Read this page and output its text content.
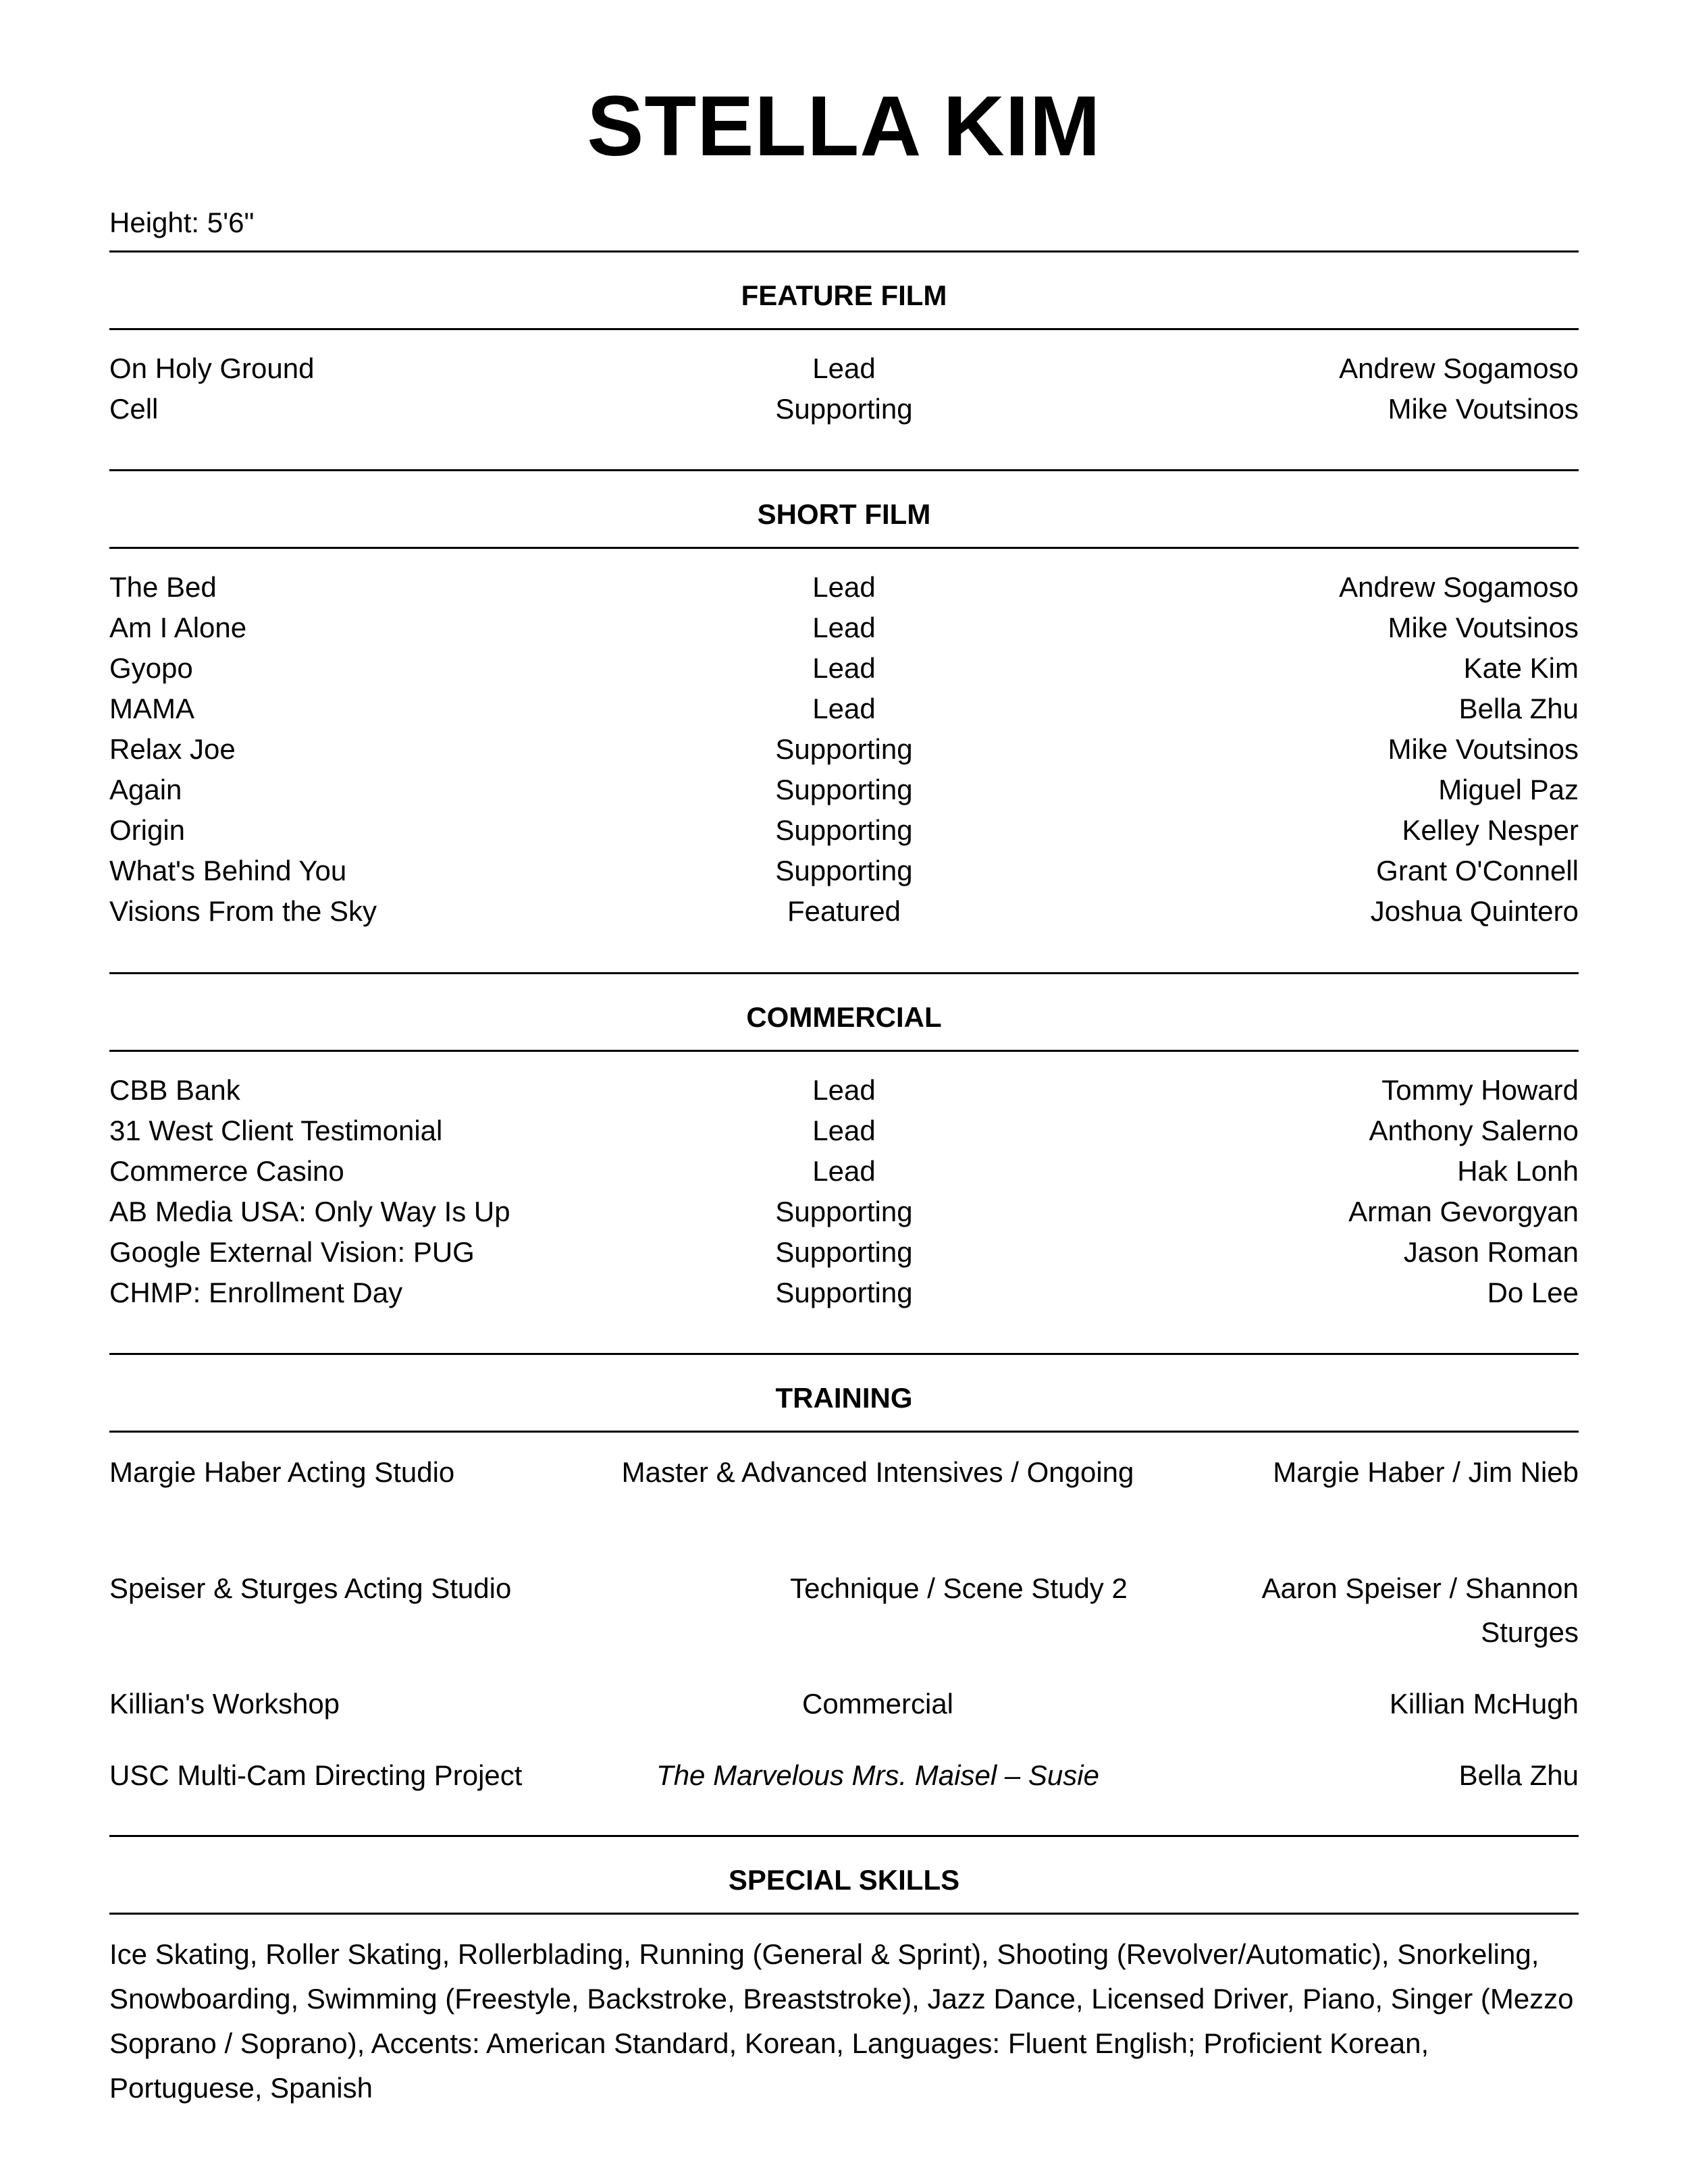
STELLA KIM
Height: 5'6"
FEATURE FILM
On Holy Ground	Lead	Andrew Sogamoso
Cell	Supporting	Mike Voutsinos
SHORT FILM
The Bed	Lead	Andrew Sogamoso
Am I Alone	Lead	Mike Voutsinos
Gyopo	Lead	Kate Kim
MAMA	Lead	Bella Zhu
Relax Joe	Supporting	Mike Voutsinos
Again	Supporting	Miguel Paz
Origin	Supporting	Kelley Nesper
What's Behind You	Supporting	Grant O'Connell
Visions From the Sky	Featured	Joshua Quintero
COMMERCIAL
CBB Bank	Lead	Tommy Howard
31 West Client Testimonial	Lead	Anthony Salerno
Commerce Casino	Lead	Hak Lonh
AB Media USA: Only Way Is Up	Supporting	Arman Gevorgyan
Google External Vision: PUG	Supporting	Jason Roman
CHMP: Enrollment Day	Supporting	Do Lee
TRAINING
Margie Haber Acting Studio	Master & Advanced Intensives / Ongoing	Margie Haber / Jim Nieb
Speiser & Sturges Acting Studio	Technique / Scene Study 2	Aaron Speiser / Shannon Sturges
Killian's Workshop	Commercial	Killian McHugh
USC Multi-Cam Directing Project	The Marvelous Mrs. Maisel – Susie	Bella Zhu
SPECIAL SKILLS
Ice Skating, Roller Skating, Rollerblading, Running (General & Sprint), Shooting (Revolver/Automatic), Snorkeling, Snowboarding, Swimming (Freestyle, Backstroke, Breaststroke), Jazz Dance, Licensed Driver, Piano, Singer (Mezzo Soprano / Soprano), Accents: American Standard, Korean, Languages: Fluent English; Proficient Korean, Portuguese, Spanish
